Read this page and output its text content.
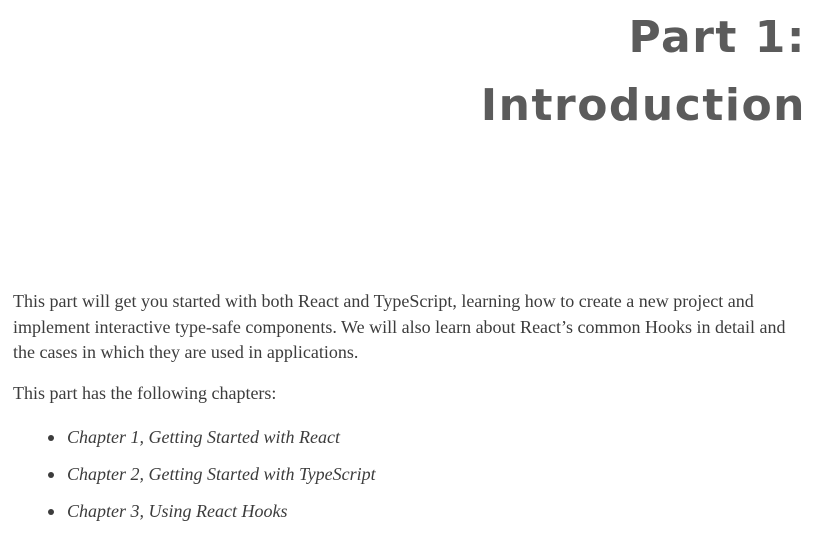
Part 1:
Introduction

This part will get you started with both React and TypeScript, learning how to create a new project and implement interactive type-safe components. We will also learn about React’s common Hooks in detail and the cases in which they are used in applications.

This part has the following chapters:

Chapter 1, Getting Started with React
Chapter 2, Getting Started with TypeScript
Chapter 3, Using React Hooks
